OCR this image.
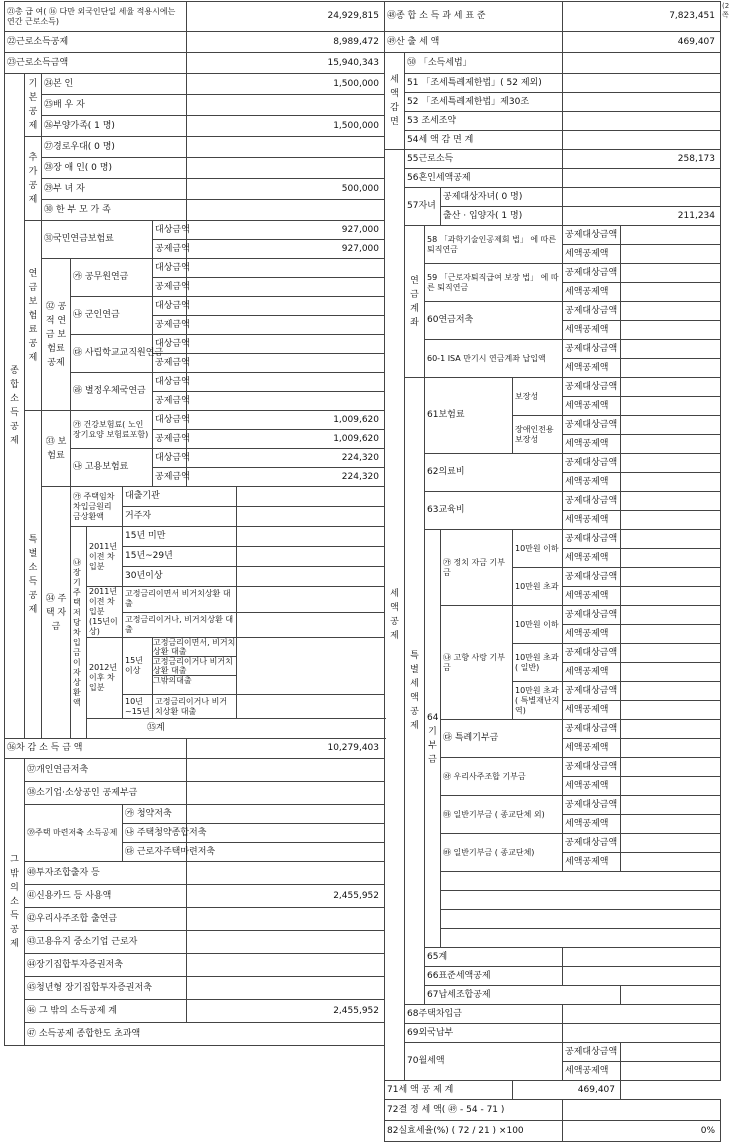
(2쪽
㉑총 급 여( ⑯ 다만 외국인단일 세율 적용시에는 연간 근로소득)							24,929,815	
㉒근로소득공제							8,989,472	
㉓근로소득금액							15,940,343	
종 합 소 득 공 제	기 본 공 제	㉔본 인					1,500,000	
		㉕배 우 자						
		㉖부양가족( 1 명)					1,500,000	
	추 가 공 제	㉗경로우대( 0 명)						
		㉘장 애 인( 0 명)						
		㉙부 녀 자					500,000	
		㉚ 한 부 모 가 족						
	연 금 보 험 료 공 제	㉛국민연금보험료				대상금액	927,000	
						공제금액	927,000	
		㉜ 공적 연금 보험료 공제	㉮ 공무원연금			대상금액		
						공제금액		
			㉯ 군인연금			대상금액		
						공제금액		
			㉰ 사립학교교직원연금			대상금액		
						공제금액		
			㉱ 별정우체국연금			대상금액		
						공제금액		
	특 별 소 득 공 제	㉝ 보험료	㉮ 건강보험료( 노인장기요양 보험료포함)			대상금액	1,009,620	
						공제금액	1,009,620	
			㉯ 고용보험료			대상금액	224,320	
						공제금액	224,320	
		㉞ 주택 자금	㉮ 주택임차 차입금원리 금상환액		대출기관			
					거주자			
			㉯ 장기 주택저 당차입 금이자 상환액	2011년이전 차입분	15년 미만			
					15년~29년			
					30년이상			
				2011년이전 차입분 (15년이상)	고정금리이면서 비거치상환 대출			
					고정금리이거나, 비거치상환 대출			
				2012년 이후 차입분	15년 이상	고정금리이면서, 비거치상환 대출
고정금리이거나 비거치상환 대출
그밖의대출		

					10년 ~15년	고정금리이거나 비거치상환 대출		
				㉟계				
㊱차 감 소 득 금 액							10,279,403	
그 밖 의 소 득 공 제	㊲개인연금저축							
	㊳소기업·소상공인 공제부금							
	㊴주택 마련저축 소득공제				㉮ 청약저축			
					㉯ 주택청약종합저축			
					㉰ 근로자주택마련저축			
	㊵투자조합출자 등							
	㊶신용카드 등 사용액						2,455,952	
	㊷우리사주조합 출연금							
	㊸고용유지 중소기업 근로자							
	㊹장기집합투자증권저축							
	㊺청년형 장기집합투자증권저축							
	㊻ 그 밖의 소득공제 계						2,455,952	
	㊼ 소득공제 종합한도 초과액							
㊽종 합 소 득 과 세 표 준					7,823,451	
㊾산 출 세 액					469,407	
세 액 감 면	㊿ 「소득세법」					
	51 「조세특례제한법」( 52 제외)					
	52 「조세특례제한법」제30조					
	53 조세조약					
	54세 액 감 면 계					
세 액 공 제	55근로소득				258,173	
	56혼인세액공제					
	57자녀		공제대상자녀( 0 명)			
			출산 · 입양자( 1 명)		211,234	
	연 금 계 좌	58 「과학기술인공제회 법」 에 따른 퇴직연금			공제대상금액	
					세액공제액	
		59 「근로자퇴직급여 보장 법」 에 따른 퇴직연금			공제대상금액	
					세액공제액	
		60연금저축			공제대상금액	
					세액공제액	
		60-1 ISA 만기시 연금계좌 납입액			공제대상금액	
					세액공제액	
	특 별 세 액 공 제	61보험료		보장성	공제대상금액	
					세액공제액	
				장애인전용 보장성	공제대상금액	
					세액공제액	
		62의료비			공제대상금액	
					세액공제액	
		63교육비			공제대상금액	
					세액공제액	
		64 기 부 금	㉮ 정치 자금 기부금	10만원 이하	공제대상금액	
					세액공제액	
				10만원 초과	공제대상금액	
					세액공제액	
			㉯ 고향 사랑 기부금	10만원 이하	공제대상금액	
					세액공제액	
				10만원 초과 ( 일반)	공제대상금액	
					세액공제액	
				10만원 초과 ( 특별재난지역)	공제대상금액	
					세액공제액	
			㉰ 특례기부금		공제대상금액	
					세액공제액	
			㉱ 우리사주조합 기부금		공제대상금액	
					세액공제액	
			㉲ 일반기부금 ( 종교단체 외)		공제대상금액	
					세액공제액	
			㉳ 일반기부금 ( 종교단체)		공제대상금액	
					세액공제액	

		65계				
		66표준세액공제				
		67납세조합공제				
	68주택차입금					
	69외국납부					
	70월세액				공제대상금액	
					세액공제액	
71세 액 공 제 계				469,407		
72결 정 세 액( ㊾ - 54 - 71 )						
82실효세율(%) ( 72 / 21 ) ×100					0%	
